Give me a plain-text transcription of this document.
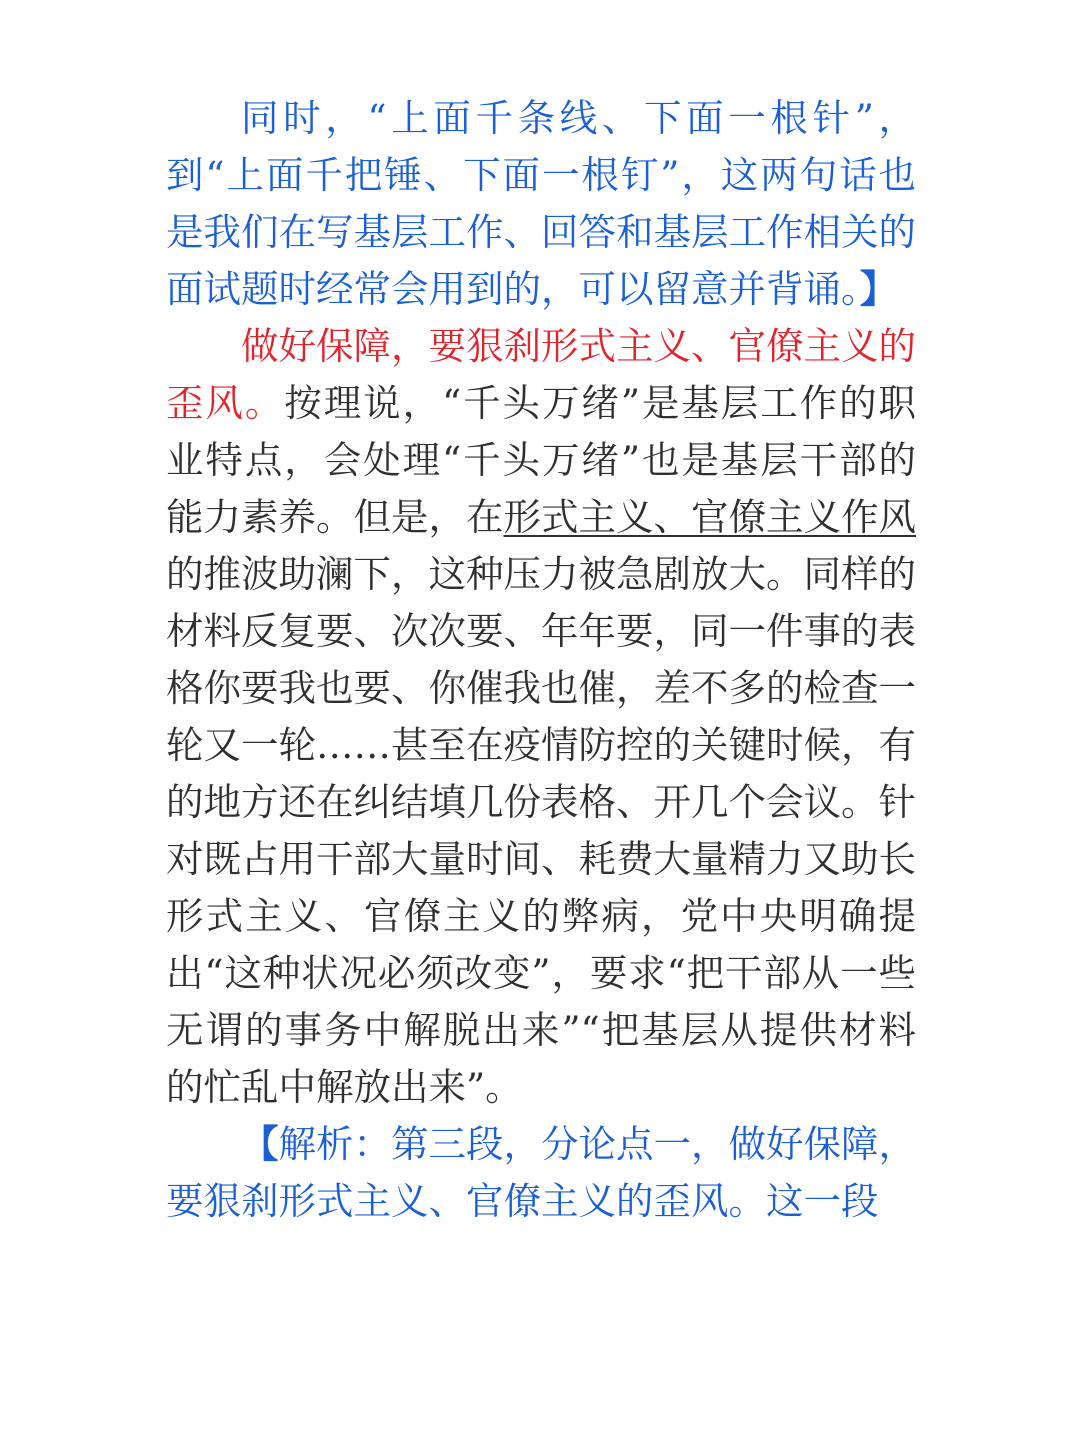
同时，“上面千条线、下面一根针”，到“上面千把锤、下面一根钉”，这两句话也是我们在写基层工作、回答和基层工作相关的面试题时经常会用到的，可以留意并背诵。】

做好保障，要狠刹形式主义、官僚主义的歪风。按理说，“千头万绪”是基层工作的职业特点，会处理“千头万绪”也是基层干部的能力素养。但是，在形式主义、官僚主义作风的推波助澜下，这种压力被急剧放大。同样的材料反复要、次次要、年年要，同一件事的表格你要我也要、你催我也催，差不多的检查一轮又一轮……甚至在疫情防控的关键时候，有的地方还在纠结填几份表格、开几个会议。针对既占用干部大量时间、耗费大量精力又助长形式主义、官僚主义的弊病，党中央明确提出“这种状况必须改变”，要求“把干部从一些无谓的事务中解脱出来”“把基层从提供材料的忙乱中解放出来”。

【解析：第三段，分论点一，做好保障，要狠刹形式主义、官僚主义的歪风。这一段
